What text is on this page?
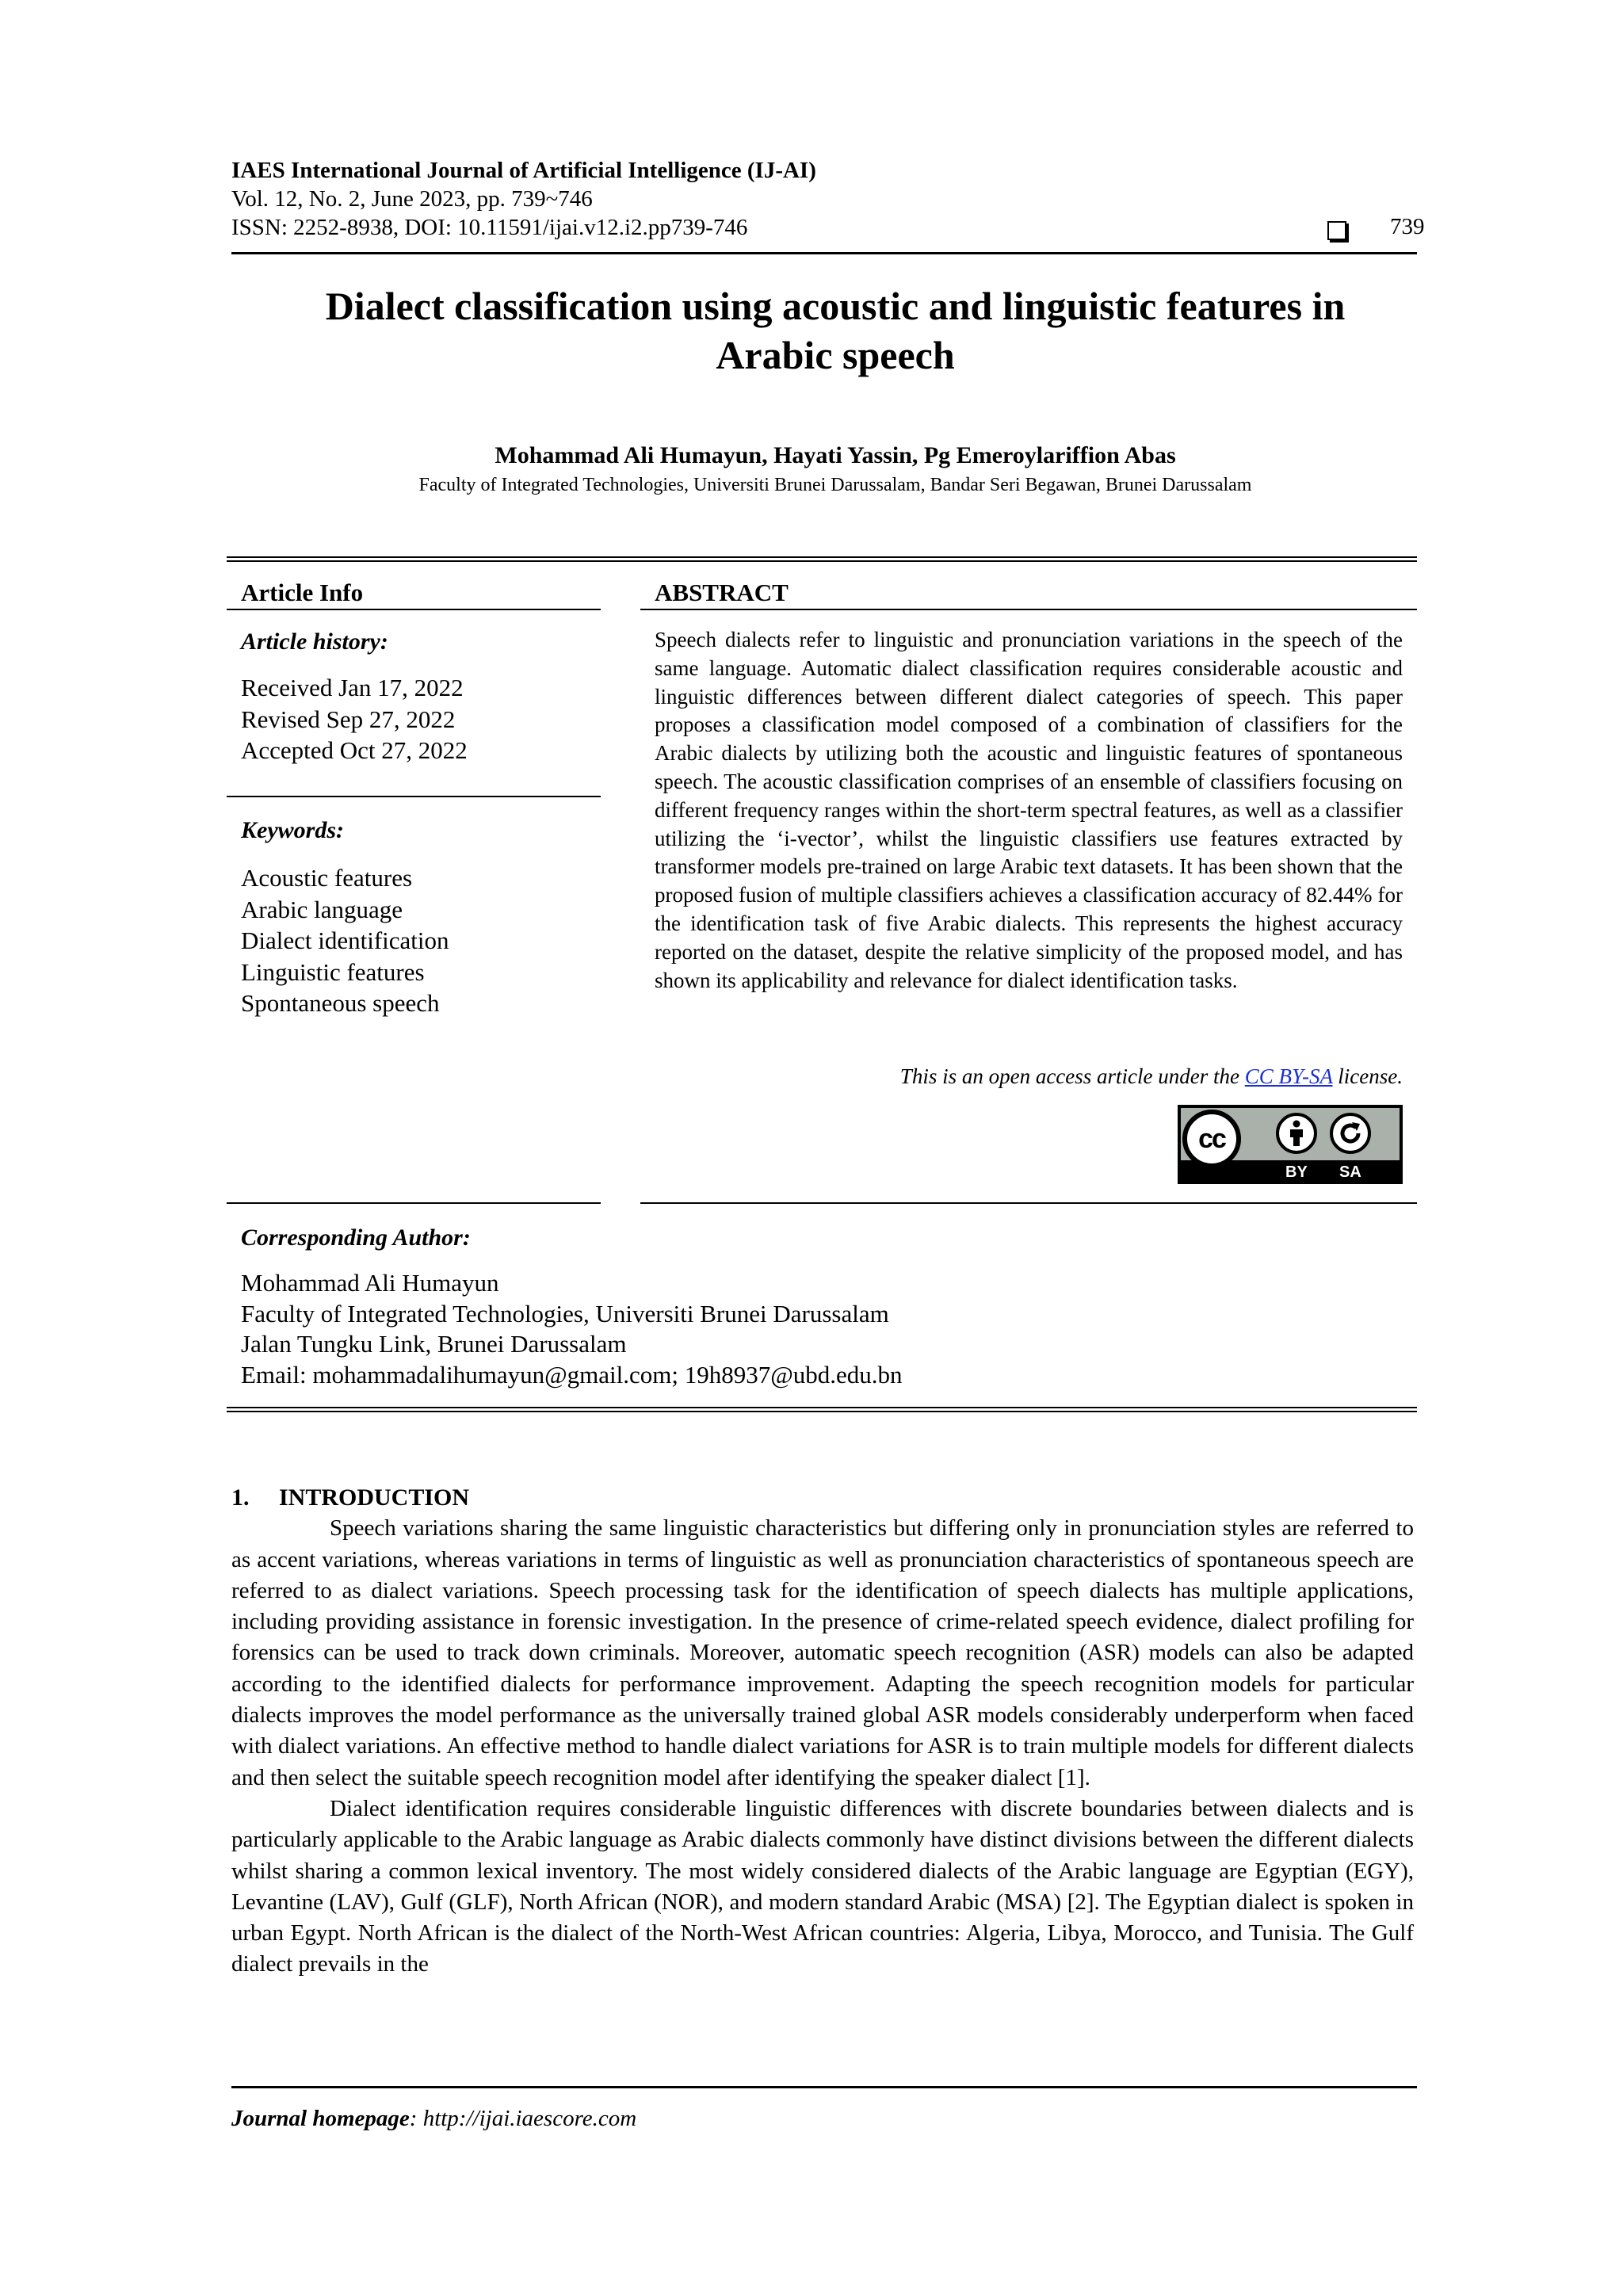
IAES International Journal of Artificial Intelligence (IJ-AI)
Vol. 12, No. 2, June 2023, pp. 739~746
ISSN: 2252-8938, DOI: 10.11591/ijai.v12.i2.pp739-746	739
Dialect classification using acoustic and linguistic features in
Arabic speech
Mohammad Ali Humayun, Hayati Yassin, Pg Emeroylariffion Abas
Faculty of Integrated Technologies, Universiti Brunei Darussalam, Bandar Seri Begawan, Brunei Darussalam
Article Info
Article history:
Received Jan 17, 2022
Revised Sep 27, 2022
Accepted Oct 27, 2022
Keywords:
Acoustic features
Arabic language
Dialect identification
Linguistic features
Spontaneous speech
ABSTRACT
Speech dialects refer to linguistic and pronunciation variations in the speech of the same language. Automatic dialect classification requires considerable acoustic and linguistic differences between different dialect categories of speech. This paper proposes a classification model composed of a combination of classifiers for the Arabic dialects by utilizing both the acoustic and linguistic features of spontaneous speech. The acoustic classification comprises of an ensemble of classifiers focusing on different frequency ranges within the short-term spectral features, as well as a classifier utilizing the ‘i-vector’, whilst the linguistic classifiers use features extracted by transformer models pre-trained on large Arabic text datasets. It has been shown that the proposed fusion of multiple classifiers achieves a classification accuracy of 82.44% for the identification task of five Arabic dialects. This represents the highest accuracy reported on the dataset, despite the relative simplicity of the proposed model, and has shown its applicability and relevance for dialect identification tasks.
This is an open access article under the CC BY-SA license.
cc
BY SA
Corresponding Author:
Mohammad Ali Humayun
Faculty of Integrated Technologies, Universiti Brunei Darussalam
Jalan Tungku Link, Brunei Darussalam
Email: mohammadalihumayun@gmail.com; 19h8937@ubd.edu.bn
1.     INTRODUCTION

Speech variations sharing the same linguistic characteristics but differing only in pronunciation styles are referred to as accent variations, whereas variations in terms of linguistic as well as pronunciation characteristics of spontaneous speech are referred to as dialect variations. Speech processing task for the identification of speech dialects has multiple applications, including providing assistance in forensic investigation. In the presence of crime-related speech evidence, dialect profiling for forensics can be used to track down criminals. Moreover, automatic speech recognition (ASR) models can also be adapted according to the identified dialects for performance improvement. Adapting the speech recognition models for particular dialects improves the model performance as the universally trained global ASR models considerably underperform when faced with dialect variations. An effective method to handle dialect variations for ASR is to train multiple models for different dialects and then select the suitable speech recognition model after identifying the speaker dialect [1].

Dialect identification requires considerable linguistic differences with discrete boundaries between dialects and is particularly applicable to the Arabic language as Arabic dialects commonly have distinct divisions between the different dialects whilst sharing a common lexical inventory. The most widely considered dialects of the Arabic language are Egyptian (EGY), Levantine (LAV), Gulf (GLF), North African (NOR), and modern standard Arabic (MSA) [2]. The Egyptian dialect is spoken in urban Egypt. North African is the dialect of the North-West African countries: Algeria, Libya, Morocco, and Tunisia. The Gulf dialect prevails in the

Journal homepage: http://ijai.iaescore.com
